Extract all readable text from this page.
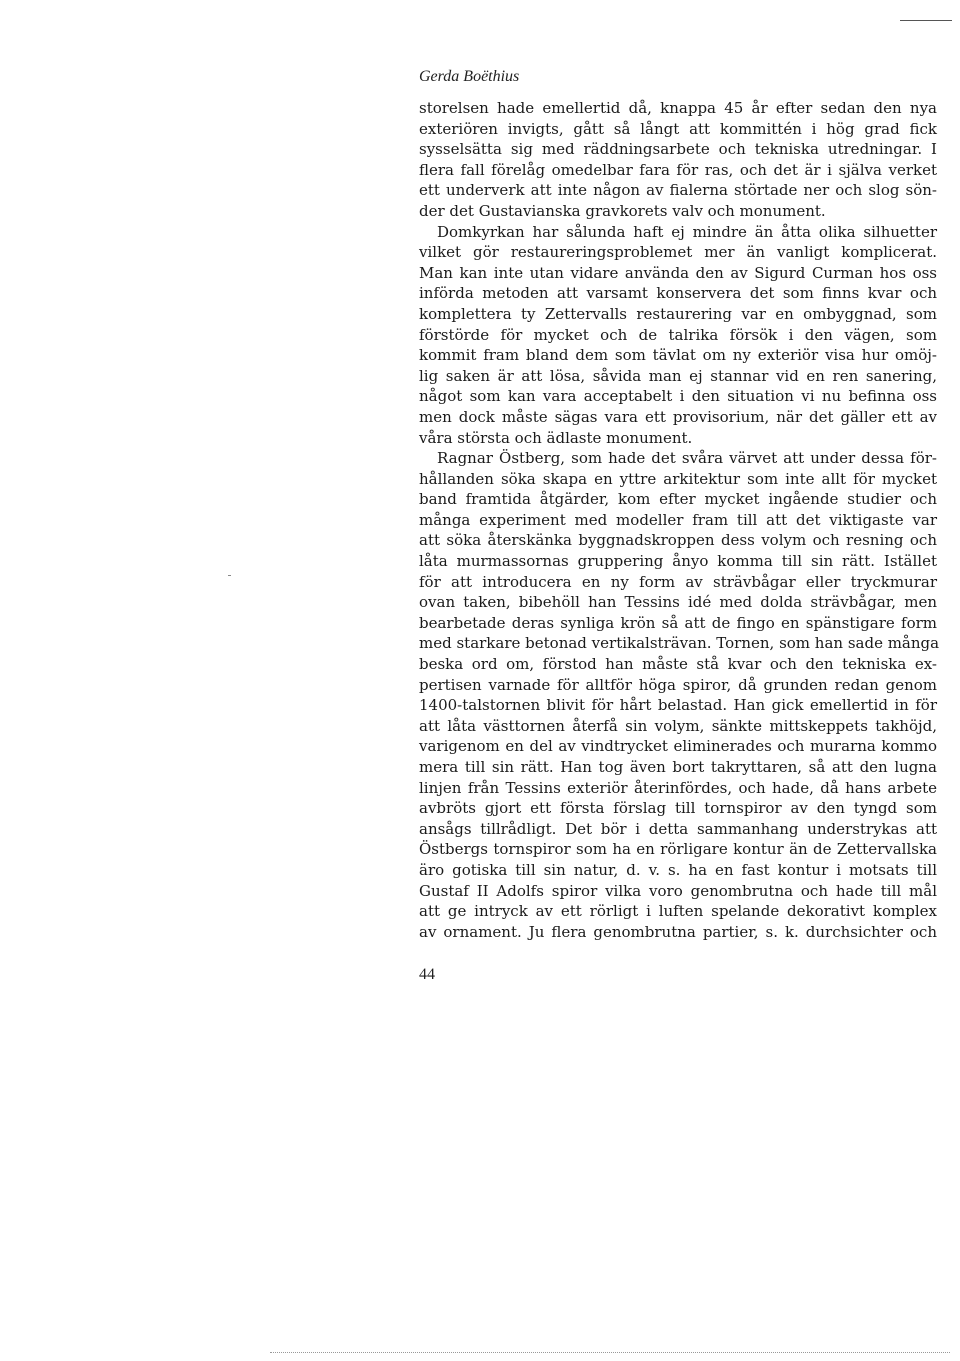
Gerda Boëthius
storelsen hade emellertid då, knappa 45 år efter sedan den nya
exteriören invigts, gått så långt att kommittén i hög grad fick
sysselsätta sig med räddningsarbete och tekniska utredningar. I
flera fall förelåg omedelbar fara för ras, och det är i själva verket
ett underverk att inte någon av fialerna störtade ner och slog sön-
der det Gustavianska gravkorets valv och monument.
Domkyrkan har sålunda haft ej mindre än åtta olika silhuetter
vilket gör restaureringsproblemet mer än vanligt komplicerat.
Man kan inte utan vidare använda den av Sigurd Curman hos oss
införda metoden att varsamt konservera det som finns kvar och
komplettera ty Zettervalls restaurering var en ombyggnad, som
förstörde för mycket och de talrika försök i den vägen, som
kommit fram bland dem som tävlat om ny exteriör visa hur omöj-
lig saken är att lösa, såvida man ej stannar vid en ren sanering,
något som kan vara acceptabelt i den situation vi nu befinna oss
men dock måste sägas vara ett provisorium, när det gäller ett av
våra största och ädlaste monument.
Ragnar Östberg, som hade det svåra värvet att under dessa för-
hållanden söka skapa en yttre arkitektur som inte allt för mycket
band framtida åtgärder, kom efter mycket ingående studier och
många experiment med modeller fram till att det viktigaste var
att söka återskänka byggnadskroppen dess volym och resning och
låta murmassornas gruppering ånyo komma till sin rätt. Istället
för att introducera en ny form av strävbågar eller tryckmurar
ovan taken, bibehöll han Tessins idé med dolda strävbågar, men
bearbetade deras synliga krön så att de fingo en spänstigare form
med starkare betonad vertikalsträvan. Tornen, som han sade många
beska ord om, förstod han måste stå kvar och den tekniska ex-
pertisen varnade för alltför höga spiror, då grunden redan genom
1400-talstornen blivit för hårt belastad. Han gick emellertid in för
att låta västtornen återfå sin volym, sänkte mittskeppets takhöjd,
varigenom en del av vindtrycket eliminerades och murarna kommo
mera till sin rätt. Han tog även bort takryttaren, så att den lugna
linjen från Tessins exteriör återinfördes, och hade, då hans arbete
avbröts gjort ett första förslag till tornspiror av den tyngd som
ansågs tillrådligt. Det bör i detta sammanhang understrykas att
Östbergs tornspiror som ha en rörligare kontur än de Zettervallska
äro gotiska till sin natur, d. v. s. ha en fast kontur i motsats till
Gustaf II Adolfs spiror vilka voro genombrutna och hade till mål
att ge intryck av ett rörligt i luften spelande dekorativt komplex
av ornament. Ju flera genombrutna partier, s. k. durchsichter och
44
